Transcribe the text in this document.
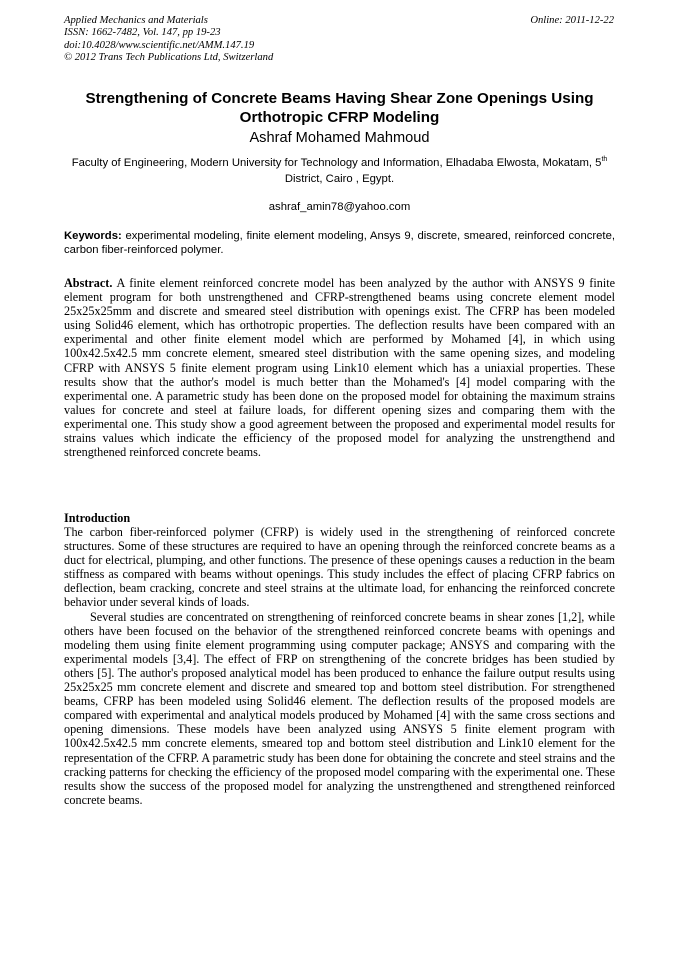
Applied Mechanics and Materials
ISSN: 1662-7482, Vol. 147, pp 19-23
doi:10.4028/www.scientific.net/AMM.147.19
© 2012 Trans Tech Publications Ltd, Switzerland
Online: 2011-12-22
Strengthening of Concrete Beams Having Shear Zone Openings Using Orthotropic CFRP Modeling
Ashraf Mohamed Mahmoud
Faculty of Engineering, Modern University for Technology and Information, Elhadaba Elwosta, Mokatam, 5th District, Cairo , Egypt.
ashraf_amin78@yahoo.com
Keywords: experimental modeling, finite element modeling, Ansys 9, discrete, smeared, reinforced concrete, carbon fiber-reinforced polymer.
Abstract. A finite element reinforced concrete model has been analyzed by the author with ANSYS 9 finite element program for both unstrengthened and CFRP-strengthened beams using concrete element model 25x25x25mm and discrete and smeared steel distribution with openings exist. The CFRP has been modeled using Solid46 element, which has orthotropic properties. The deflection results have been compared with an experimental and other finite element model which are performed by Mohamed [4], in which using 100x42.5x42.5 mm concrete element, smeared steel distribution with the same opening sizes, and modeling CFRP with ANSYS 5 finite element program using Link10 element which has a uniaxial properties. These results show that the author's model is much better than the Mohamed's [4] model comparing with the experimental one. A parametric study has been done on the proposed model for obtaining the maximum strains values for concrete and steel at failure loads, for different opening sizes and comparing them with the experimental one. This study show a good agreement between the proposed and experimental model results for strains values which indicate the efficiency of the proposed model for analyzing the unstrengthend and strengthened reinforced concrete beams.
Introduction

The carbon fiber-reinforced polymer (CFRP) is widely used in the strengthening of reinforced concrete structures. Some of these structures are required to have an opening through the reinforced concrete beams as a duct for electrical, plumping, and other functions. The presence of these openings causes a reduction in the beam stiffness as compared with beams without openings. This study includes the effect of placing CFRP fabrics on deflection, beam cracking, concrete and steel strains at the ultimate load, for enhancing the reinforced concrete behavior under several kinds of loads.

Several studies are concentrated on strengthening of reinforced concrete beams in shear zones [1,2], while others have been focused on the behavior of the strengthened reinforced concrete beams with openings and modeling them using finite element programming using computer package; ANSYS and comparing with the experimental models [3,4]. The effect of FRP on strengthening of the concrete bridges has been studied by others [5]. The author's proposed analytical model has been produced to enhance the failure output results using 25x25x25 mm concrete element and discrete and smeared top and bottom steel distribution. For strengthened beams, CFRP has been modeled using Solid46 element. The deflection results of the proposed models are compared with experimental and analytical models produced by Mohamed [4] with the same cross sections and opening dimensions. These models have been analyzed using ANSYS 5 finite element program with 100x42.5x42.5 mm concrete elements, smeared top and bottom steel distribution and Link10 element for the representation of the CFRP. A parametric study has been done for obtaining the concrete and steel strains and the cracking patterns for checking the efficiency of the proposed model comparing with the experimental one. These results show the success of the proposed model for analyzing the unstrengthened and strengthened reinforced concrete beams.
